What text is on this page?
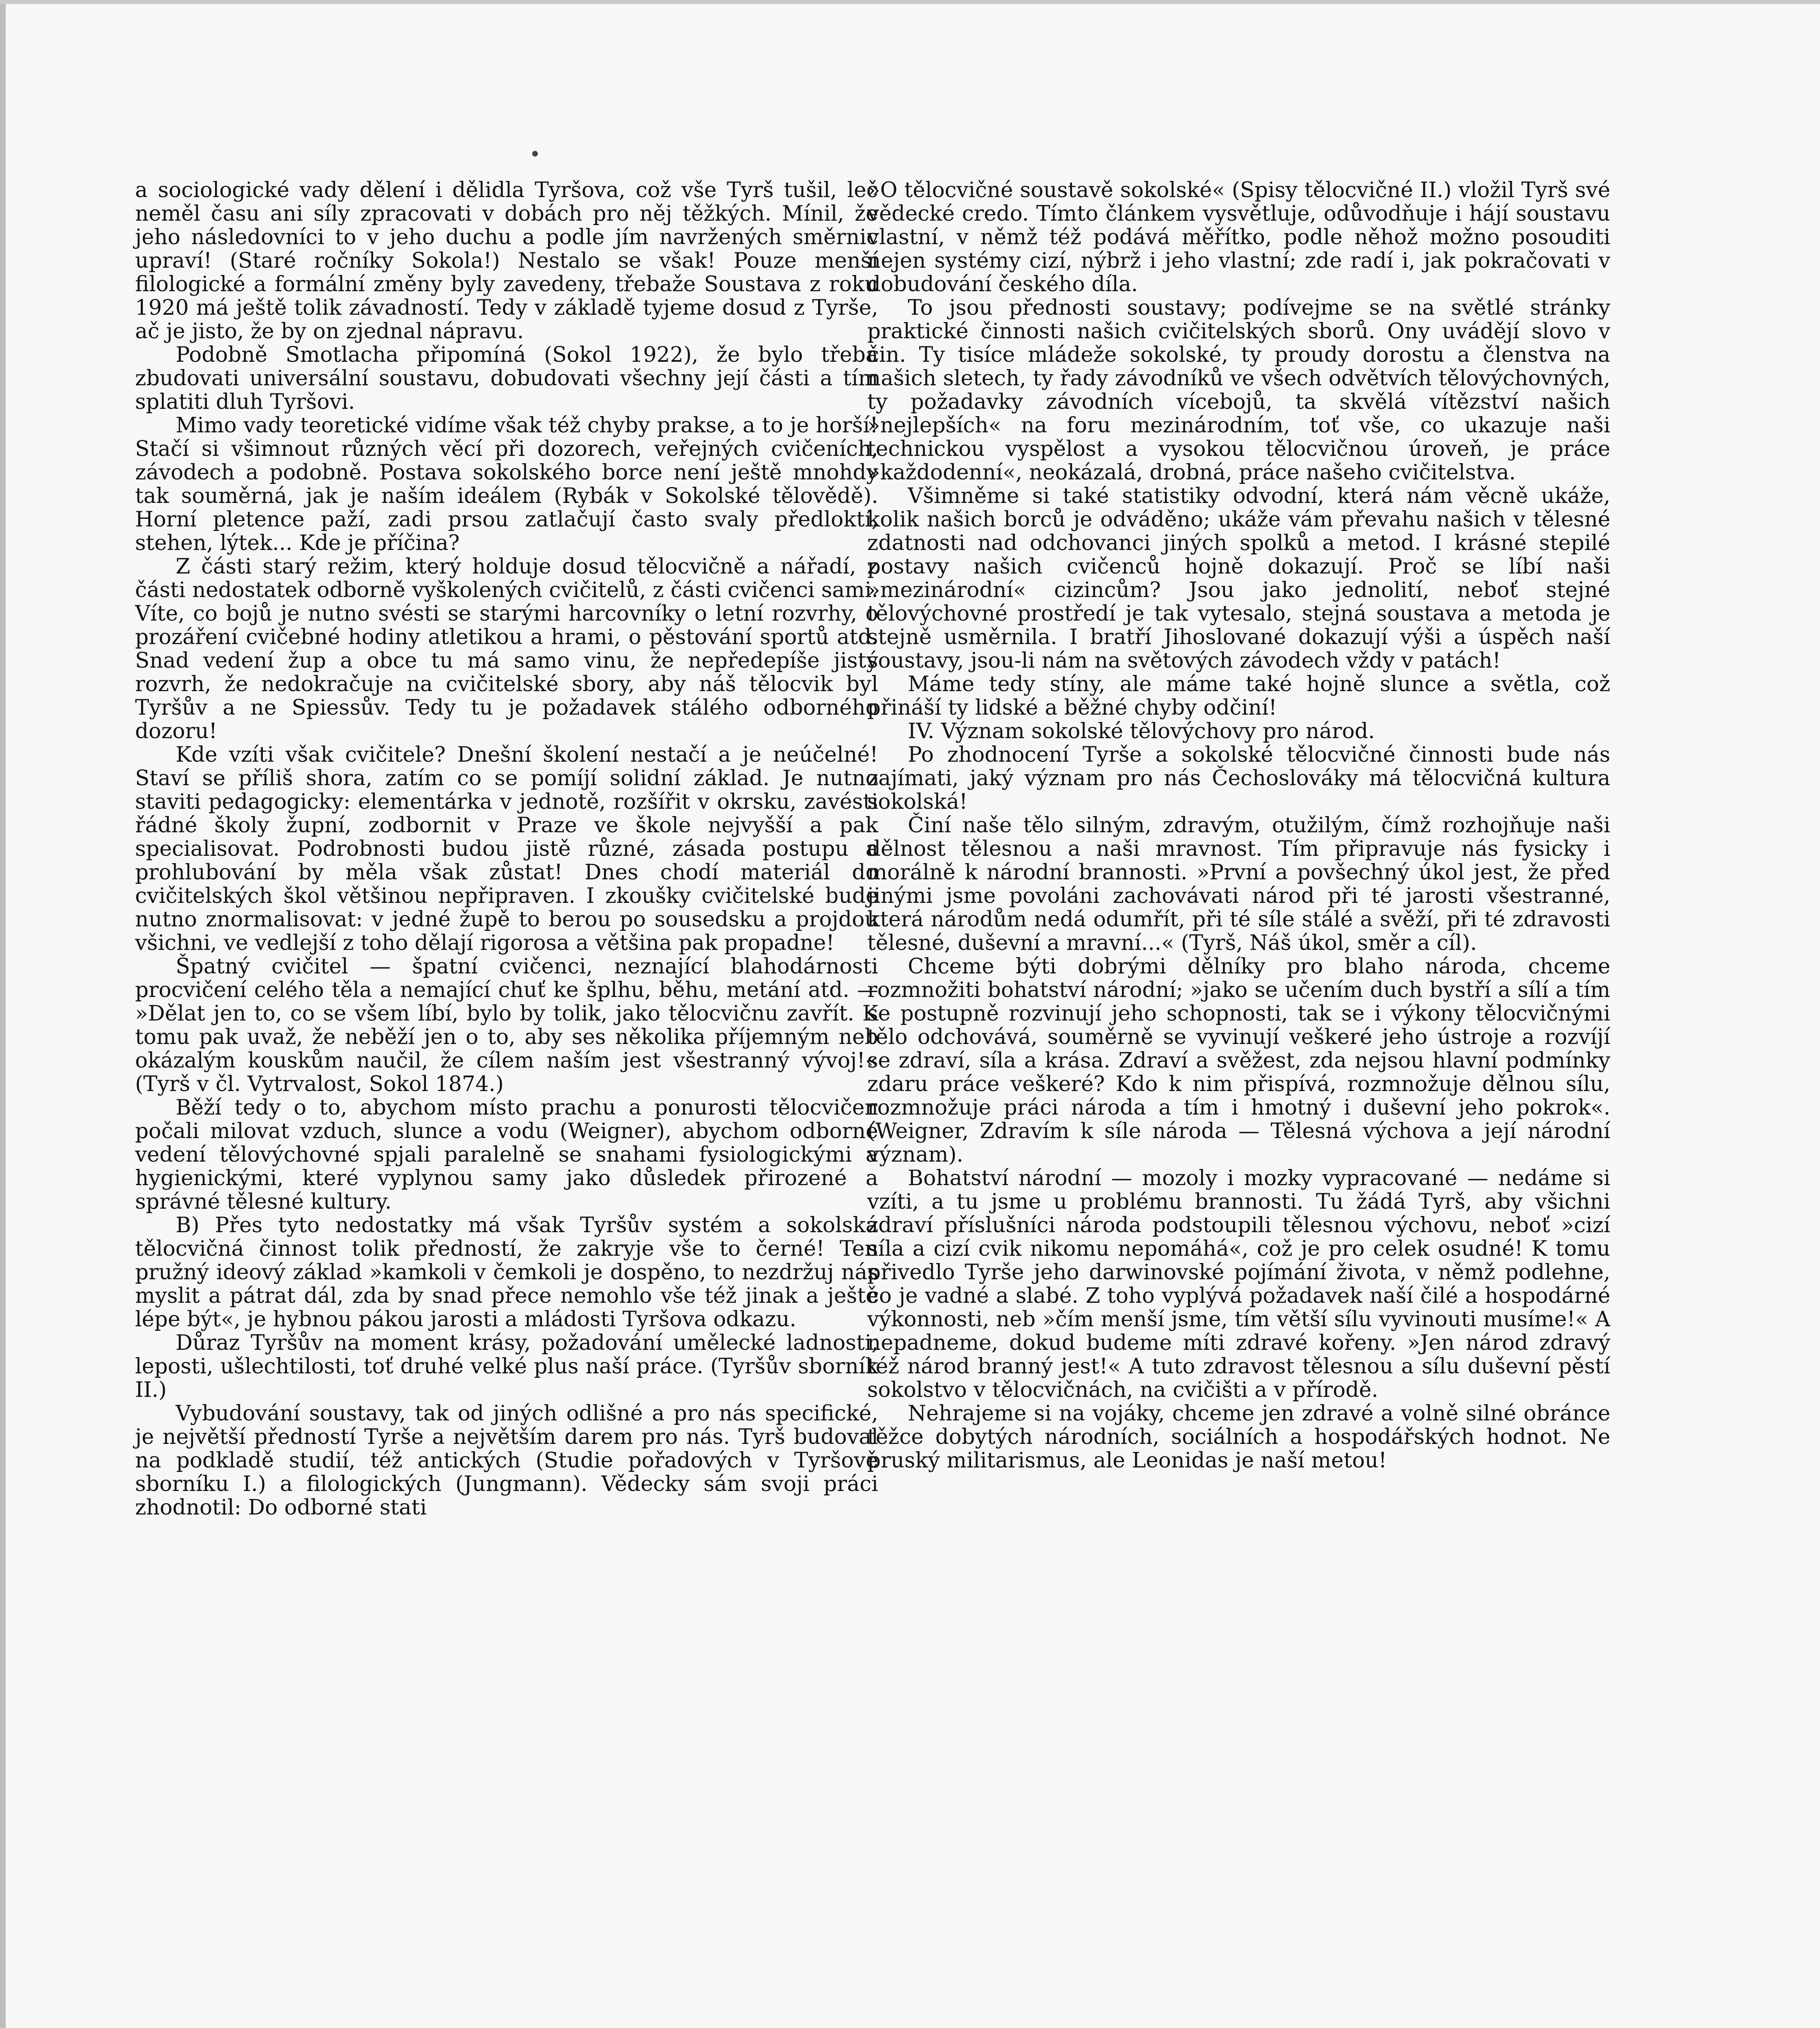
a sociologické vady dělení i dělidla Tyršova, což vše Tyrš tušil, leč neměl času ani síly zpracovati v dobách pro něj těžkých. Mínil, že jeho následovníci to v jeho duchu a podle jím navržených směrnic upraví! (Staré ročníky Sokola!) Nestalo se však! Pouze menší filologické a formální změny byly zavedeny, třebaže Soustava z roku 1920 má ještě tolik závadností. Tedy v základě tyjeme dosud z Tyrše, ač je jisto, že by on zjednal nápravu.

Podobně Smotlacha připomíná (Sokol 1922), že bylo třeba zbudovati universální soustavu, dobudovati všechny její části a tím splatiti dluh Tyršovi.

Mimo vady teoretické vidíme však též chyby prakse, a to je horší! Stačí si všimnout různých věcí při dozorech, veřejných cvičeních, závodech a podobně. Postava sokolského borce není ještě mnohdy tak souměrná, jak je naším ideálem (Rybák v Sokolské tělovědě). Horní pletence paží, zadi prsou zatlačují často svaly předloktí, stehen, lýtek... Kde je příčina?

Z části starý režim, který holduje dosud tělocvičně a nářadí, z části nedostatek odborně vyškolených cvičitelů, z části cvičenci sami. Víte, co bojů je nutno svésti se starými harcovníky o letní rozvrhy, o prozáření cvičebné hodiny atletikou a hrami, o pěstování sportů atd. Snad vedení žup a obce tu má samo vinu, že nepředepíše jistý rozvrh, že nedokračuje na cvičitelské sbory, aby náš tělocvik byl Tyršův a ne Spiessův. Tedy tu je požadavek stálého odborného dozoru!

Kde vzíti však cvičitele? Dnešní školení nestačí a je neúčelné! Staví se příliš shora, zatím co se pomíjí solidní základ. Je nutno staviti pedagogicky: elementárka v jednotě, rozšířit v okrsku, zavésti řádné školy župní, zodbornit v Praze ve škole nejvyšší a pak specialisovat. Podrobnosti budou jistě různé, zásada postupu a prohlubování by měla však zůstat! Dnes chodí materiál do cvičitelských škol většinou nepřipraven. I zkoušky cvičitelské bude nutno znormalisovat: v jedné župě to berou po sousedsku a projdou všichni, ve vedlejší z toho dělají rigorosa a většina pak propadne!

Špatný cvičitel — špatní cvičenci, neznající blahodárnosti procvičení celého těla a nemající chuť ke šplhu, běhu, metání atd. — »Dělat jen to, co se všem líbí, bylo by tolik, jako tělocvičnu zavřít. K tomu pak uvaž, že neběží jen o to, aby ses několika příjemným neb okázalým kouskům naučil, že cílem naším jest všestranný vývoj!« (Tyrš v čl. Vytrvalost, Sokol 1874.)

Běží tedy o to, abychom místo prachu a ponurosti tělocvičen počali milovat vzduch, slunce a vodu (Weigner), abychom odborné vedení tělovýchovné spjali paralelně se snahami fysiologickými a hygienickými, které vyplynou samy jako důsledek přirozené a správné tělesné kultury.

B) Přes tyto nedostatky má však Tyršův systém a sokolská tělocvičná činnost tolik předností, že zakryje vše to černé! Ten pružný ideový základ »kamkoli v čemkoli je dospěno, to nezdržuj nás myslit a pátrat dál, zda by snad přece nemohlo vše též jinak a ještě lépe být«, je hybnou pákou jarosti a mládosti Tyršova odkazu.

Důraz Tyršův na moment krásy, požadování umělecké ladnosti, leposti, ušlechtilosti, toť druhé velké plus naší práce. (Tyršův sborník II.)

Vybudování soustavy, tak od jiných odlišné a pro nás specifické, je největší předností Tyrše a největším darem pro nás. Tyrš budoval na podkladě studií, též antických (Studie pořadových v Tyršově sborníku I.) a filologických (Jungmann). Vědecky sám svoji práci zhodnotil: Do odborné stati

»O tělocvičné soustavě sokolské« (Spisy tělocvičné II.) vložil Tyrš své vědecké credo. Tímto článkem vysvětluje, odůvodňuje i hájí soustavu vlastní, v němž též podává měřítko, podle něhož možno posouditi nejen systémy cizí, nýbrž i jeho vlastní; zde radí i, jak pokračovati v dobudování českého díla.

To jsou přednosti soustavy; podívejme se na světlé stránky praktické činnosti našich cvičitelských sborů. Ony uvádějí slovo v čin. Ty tisíce mládeže sokolské, ty proudy dorostu a členstva na našich sletech, ty řady závodníků ve všech odvětvích tělovýchovných, ty požadavky závodních vícebojů, ta skvělá vítězství našich »nejlepších« na foru mezinárodním, toť vše, co ukazuje naši technickou vyspělost a vysokou tělocvičnou úroveň, je práce »každodenní«, neokázalá, drobná, práce našeho cvičitelstva.

Všimněme si také statistiky odvodní, která nám věcně ukáže, kolik našich borců je odváděno; ukáže vám převahu našich v tělesné zdatnosti nad odchovanci jiných spolků a metod. I krásné stepilé postavy našich cvičenců hojně dokazují. Proč se líbí naši »mezinárodní« cizincům? Jsou jako jednolití, neboť stejné tělovýchovné prostředí je tak vytesalo, stejná soustava a metoda je stejně usměrnila. I bratří Jihoslované dokazují výši a úspěch naší soustavy, jsou-li nám na světových závodech vždy v patách!

Máme tedy stíny, ale máme také hojně slunce a světla, což přináší ty lidské a běžné chyby odčiní!

IV. Význam sokolské tělovýchovy pro národ.

Po zhodnocení Tyrše a sokolské tělocvičné činnosti bude nás zajímati, jaký význam pro nás Čechoslováky má tělocvičná kultura sokolská!

Činí naše tělo silným, zdravým, otužilým, čímž rozhojňuje naši dělnost tělesnou a naši mravnost. Tím připravuje nás fysicky i morálně k národní brannosti. »První a povšechný úkol jest, že před jinými jsme povoláni zachovávati národ při té jarosti všestranné, která národům nedá odumřít, při té síle stálé a svěží, při té zdravosti tělesné, duševní a mravní...« (Tyrš, Náš úkol, směr a cíl).

Chceme býti dobrými dělníky pro blaho národa, chceme rozmnožiti bohatství národní; »jako se učením duch bystří a sílí a tím se postupně rozvinují jeho schopnosti, tak se i výkony tělocvičnými tělo odchovává, souměrně se vyvinují veškeré jeho ústroje a rozvíjí se zdraví, síla a krása. Zdraví a svěžest, zda nejsou hlavní podmínky zdaru práce veškeré? Kdo k nim přispívá, rozmnožuje dělnou sílu, rozmnožuje práci národa a tím i hmotný i duševní jeho pokrok«. (Weigner, Zdravím k síle národa — Tělesná výchova a její národní význam).

Bohatství národní — mozoly i mozky vypracované — nedáme si vzíti, a tu jsme u problému brannosti. Tu žádá Tyrš, aby všichni zdraví příslušníci národa podstoupili tělesnou výchovu, neboť »cizí síla a cizí cvik nikomu nepomáhá«, což je pro celek osudné! K tomu přivedlo Tyrše jeho darwinovské pojímání života, v němž podlehne, co je vadné a slabé. Z toho vyplývá požadavek naší čilé a hospodárné výkonnosti, neb »čím menší jsme, tím větší sílu vyvinouti musíme!« A nepadneme, dokud budeme míti zdravé kořeny. »Jen národ zdravý též národ branný jest!« A tuto zdravost tělesnou a sílu duševní pěstí sokolstvo v tělocvičnách, na cvičišti a v přírodě.

Nehrajeme si na vojáky, chceme jen zdravé a volně silné obránce těžce dobytých národních, sociálních a hospodářských hodnot. Ne pruský militarismus, ale Leonidas je naší metou!
